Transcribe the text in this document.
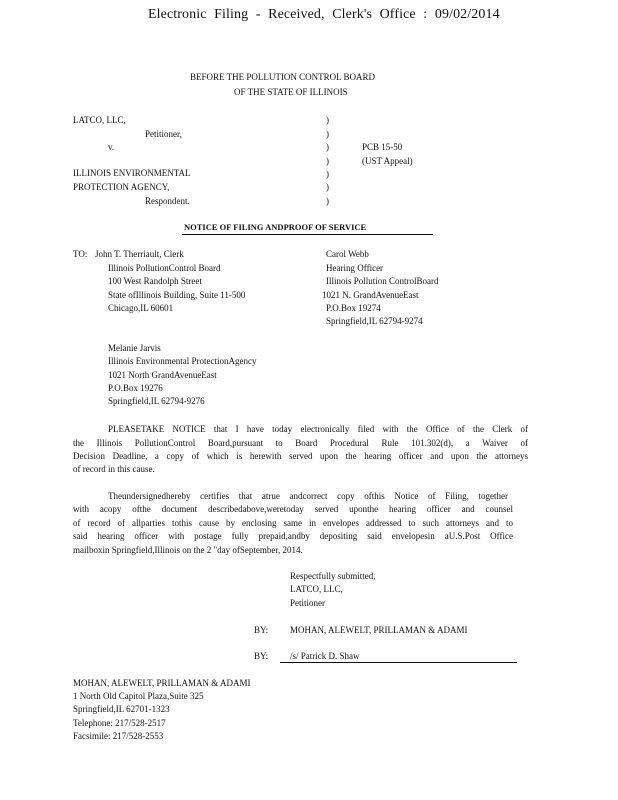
Electronic Filing - Received, Clerk's Office : 09/02/2014
BEFORE THE POLLUTION CONTROL BOARD
OF THE STATE OF ILLINOIS
LATCO, LLC,
Petitioner,
v.
ILLINOIS ENVIRONMENTAL
PROTECTION AGENCY,
Respondent.
)
)
)
)
)
)
)
PCB 15-50
(UST Appeal)
NOTICE OF FILING ANDPROOF OF SERVICE
TO: John T. Therriault, Clerk
Illinois PollutionControl Board
100 West Randolph Street
State ofIllinois Building, Suite 11-500
Chicago,IL 60601
Carol Webb
Hearing Officer
Illinois Pollution ControlBoard
1021 N. GrandAvenueEast
P.O.Box 19274
Springfield,IL 62794-9274
Melanie Jarvis
Illinois Environmental ProtectionAgency
1021 North GrandAvenueEast
P.O.Box 19276
Springfield,IL 62794-9276
PLEASETAKE NOTICE that I have today electronically filed with the Office of the Clerk of
the Illinois PollutionControl Board,pursuant to Board Procedural Rule 101.302(d), a Waiver of
Decision Deadline, a copy of which is herewith served upon the hearing officer and upon the attorneys
of record in this cause.
Theundersignedhereby certifies that atrue andcorrect copy ofthis Notice of Filing, together
with acopy ofthe document describedabove,weretoday served uponthe hearing officer and counsel
of record of allparties tothis cause by enclosing same in envelopes addressed to such attorneys and to
said hearing officer with postage fully prepaid,andby depositing said envelopesin aU.S.Post Office
mailboxin Springfield,Illinois on the 2 "day ofSeptember, 2014.
Respectfully submitted,
LATCO, LLC,
Petitioner
BY: MOHAN, ALEWELT, PRILLAMAN & ADAMI
BY: /s/ Patrick D. Shaw
MOHAN, ALEWELT, PRILLAMAN & ADAMI
1 North Old Capitol Plaza,Suite 325
Springfield,IL 62701-1323
Telephone: 217/528-2517
Facsimile: 217/528-2553
